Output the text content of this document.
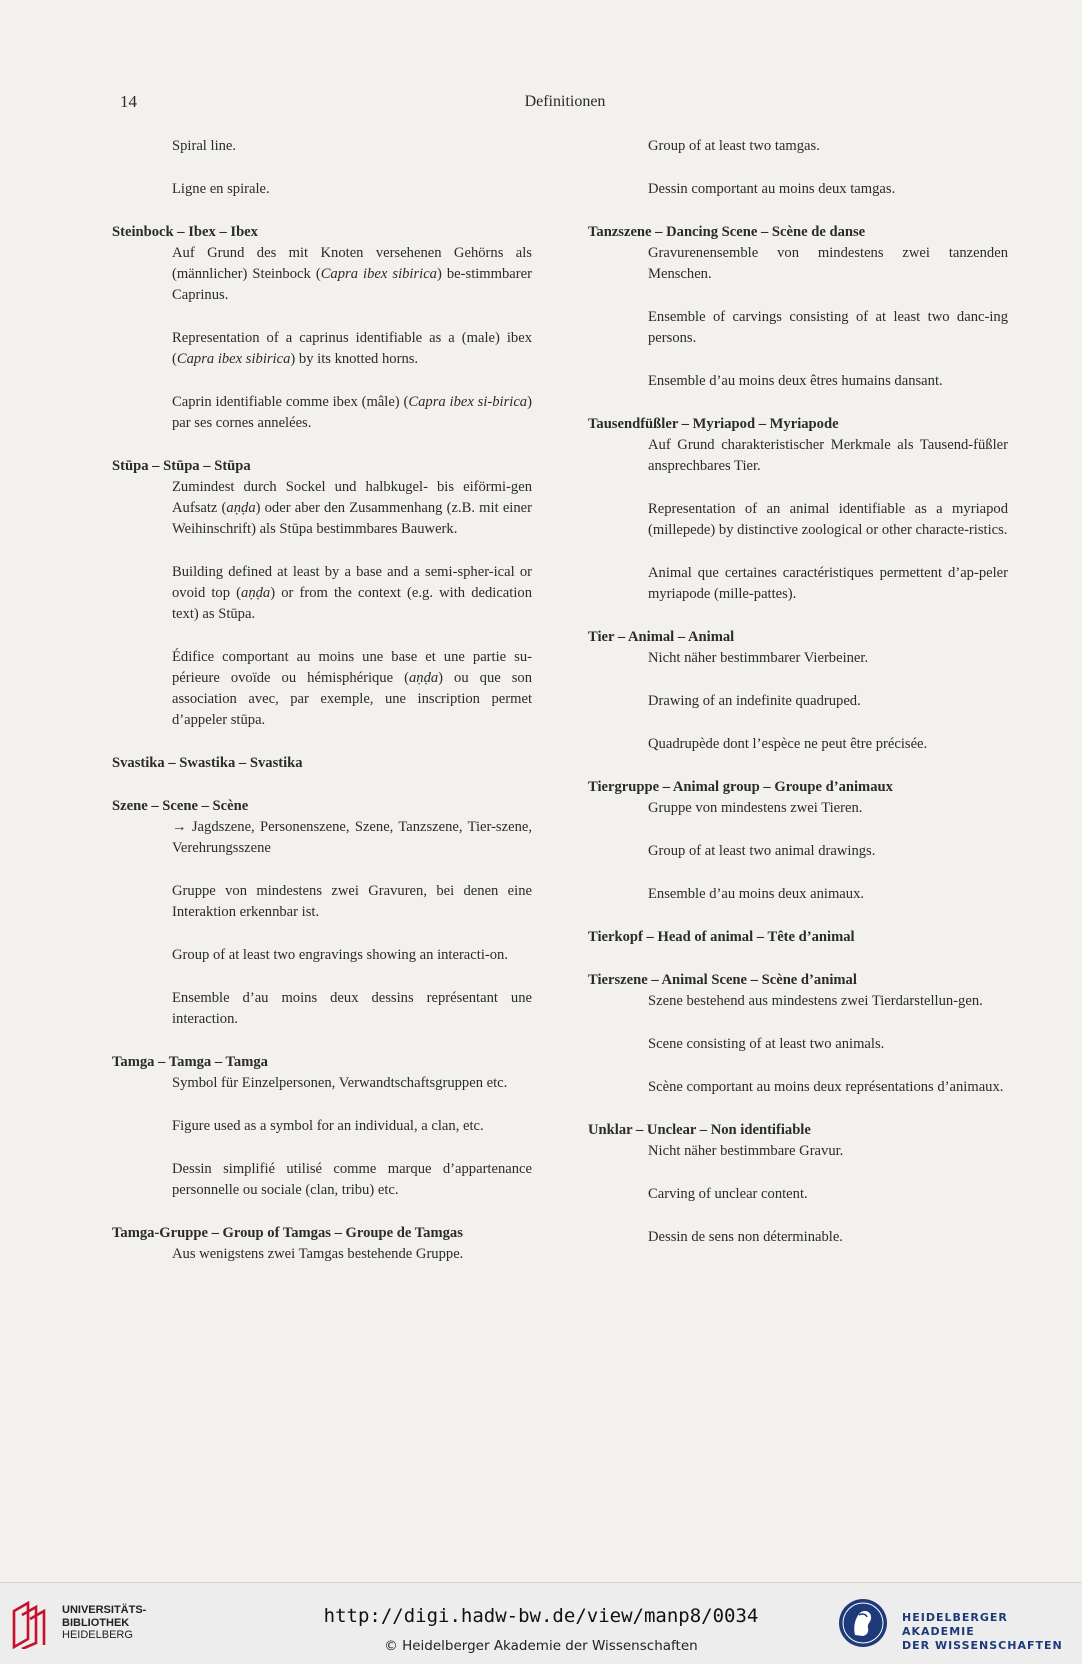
14	Definitionen

Spiral line.

Ligne en spirale.

Steinbock – Ibex – Ibex

Auf Grund des mit Knoten versehenen Gehörns als (männlicher) Steinbock (Capra ibex sibirica) be-stimmbarer Caprinus.

Representation of a caprinus identifiable as a (male) ibex (Capra ibex sibirica) by its knotted horns.

Caprin identifiable comme ibex (mâle) (Capra ibex si-birica) par ses cornes annelées.

Stūpa – Stūpa – Stūpa

Zumindest durch Sockel und halbkugel- bis eiförmi-gen Aufsatz (aṇḍa) oder aber den Zusammenhang (z.B. mit einer Weihinschrift) als Stūpa bestimmbares Bauwerk.

Building defined at least by a base and a semi-spher-ical or ovoid top (aṇḍa) or from the context (e.g. with dedication text) as Stūpa.

Édifice comportant au moins une base et une partie su-périeure ovoïde ou hémisphérique (aṇḍa) ou que son association avec, par exemple, une inscription permet d’appeler stūpa.

Svastika – Swastika – Svastika

Szene – Scene – Scène

→ Jagdszene, Personenszene, Szene, Tanzszene, Tier-szene, Verehrungsszene

Gruppe von mindestens zwei Gravuren, bei denen eine Interaktion erkennbar ist.

Group of at least two engravings showing an interacti-on.

Ensemble d’au moins deux dessins représentant une interaction.

Tamga – Tamga – Tamga

Symbol für Einzelpersonen, Verwandtschaftsgruppen etc.

Figure used as a symbol for an individual, a clan, etc.

Dessin simplifié utilisé comme marque d’appartenance personnelle ou sociale (clan, tribu) etc.

Tamga-Gruppe – Group of Tamgas – Groupe de Tamgas

Aus wenigstens zwei Tamgas bestehende Gruppe.

Group of at least two tamgas.

Dessin comportant au moins deux tamgas.

Tanzszene – Dancing Scene – Scène de danse

Gravurenensemble von mindestens zwei tanzenden Menschen.

Ensemble of carvings consisting of at least two danc-ing persons.

Ensemble d’au moins deux êtres humains dansant.

Tausendfüßler – Myriapod – Myriapode

Auf Grund charakteristischer Merkmale als Tausend-füßler ansprechbares Tier.

Representation of an animal identifiable as a myriapod (millepede) by distinctive zoological or other characte-ristics.

Animal que certaines caractéristiques permettent d’ap-peler myriapode (mille-pattes).

Tier – Animal – Animal

Nicht näher bestimmbarer Vierbeiner.

Drawing of an indefinite quadruped.

Quadrupède dont l’espèce ne peut être précisée.

Tiergruppe – Animal group – Groupe d’animaux

Gruppe von mindestens zwei Tieren.

Group of at least two animal drawings.

Ensemble d’au moins deux animaux.

Tierkopf – Head of animal – Tête d’animal

Tierszene – Animal Scene – Scène d’animal

Szene bestehend aus mindestens zwei Tierdarstellun-gen.

Scene consisting of at least two animals.

Scène comportant au moins deux représentations d’animaux.

Unklar – Unclear – Non identifiable

Nicht näher bestimmbare Gravur.

Carving of unclear content.

Dessin de sens non déterminable.

UNIVERSITÄTS-
BIBLIOTHEK
HEIDELBERG
http://digi.hadw-bw.de/view/manp8/0034
© Heidelberger Akademie der Wissenschaften
HEIDELBERGER AKADEMIE
DER WISSENSCHAFTEN
